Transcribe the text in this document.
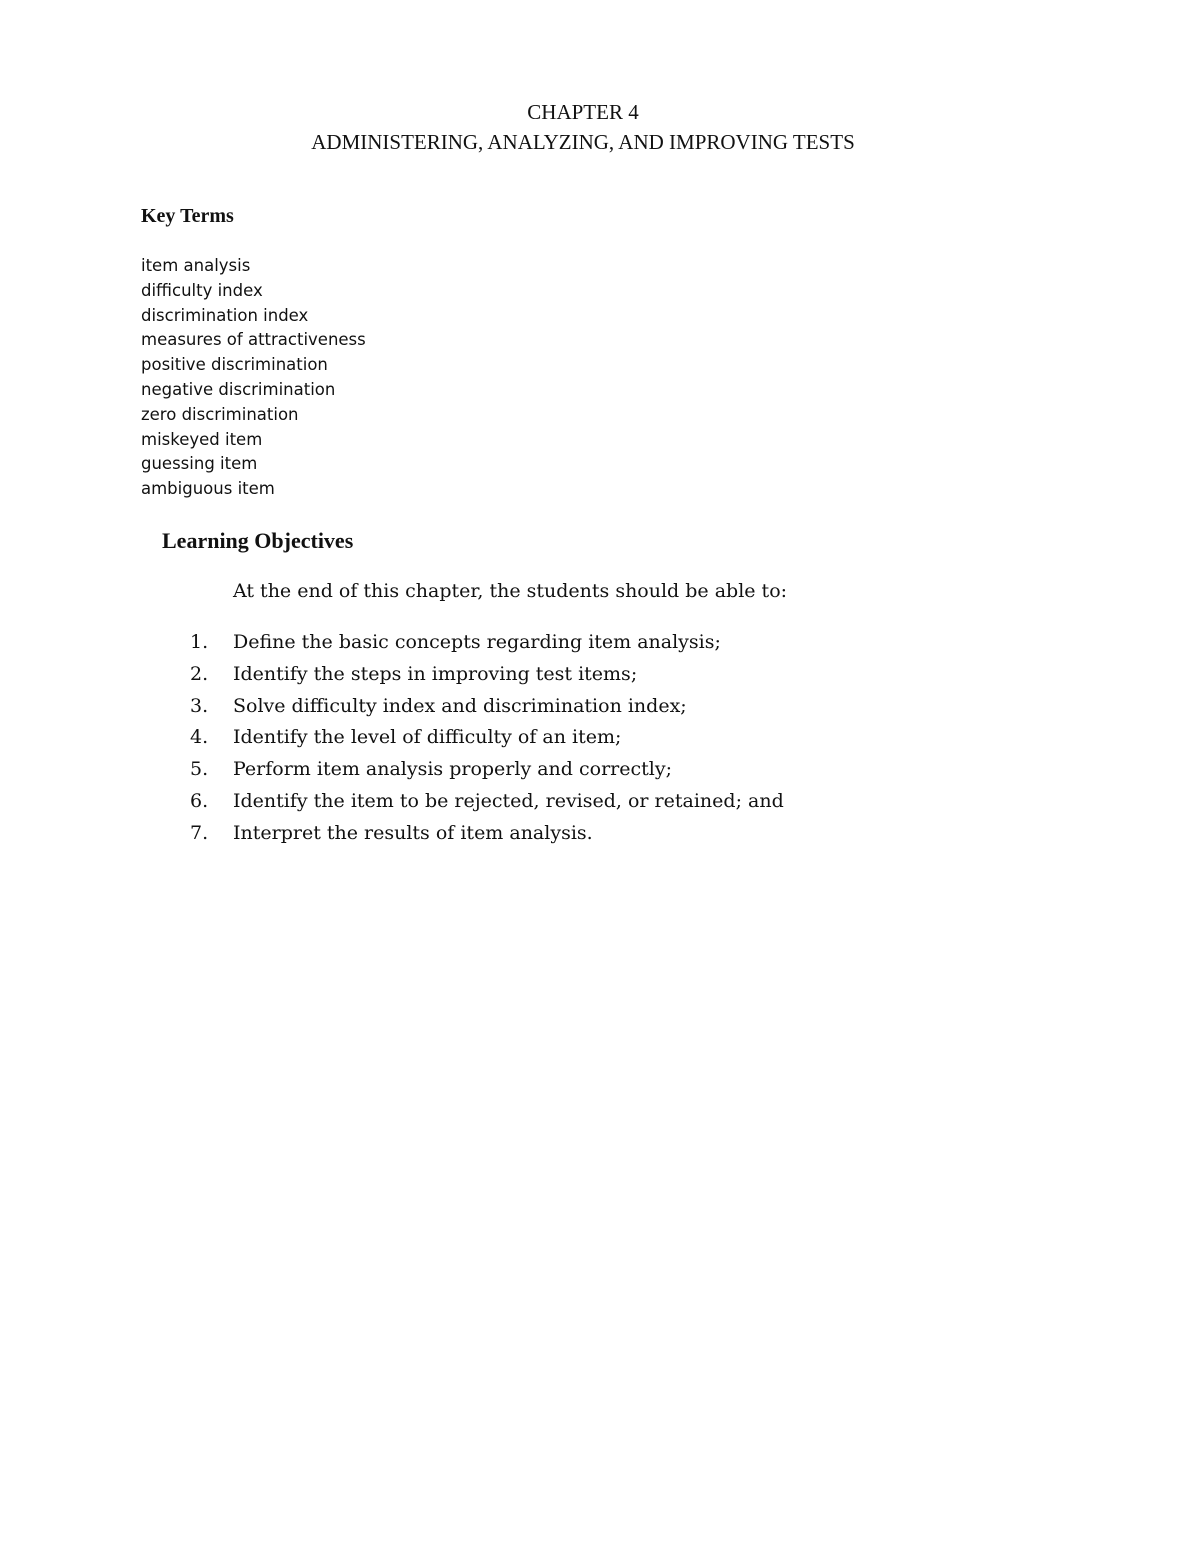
CHAPTER 4
ADMINISTERING, ANALYZING, AND IMPROVING TESTS
Key Terms
item analysis
difficulty index
discrimination index
measures of attractiveness
positive discrimination
negative discrimination
zero discrimination
miskeyed item
guessing item
ambiguous item
Learning Objectives

At the end of this chapter, the students should be able to:

1.	Define the basic concepts regarding item analysis;
2.	Identify the steps in improving test items;
3.	Solve difficulty index and discrimination index;
4.	Identify the level of difficulty of an item;
5.	Perform item analysis properly and correctly;
6.	Identify the item to be rejected, revised, or retained; and
7.	Interpret the results of item analysis.
